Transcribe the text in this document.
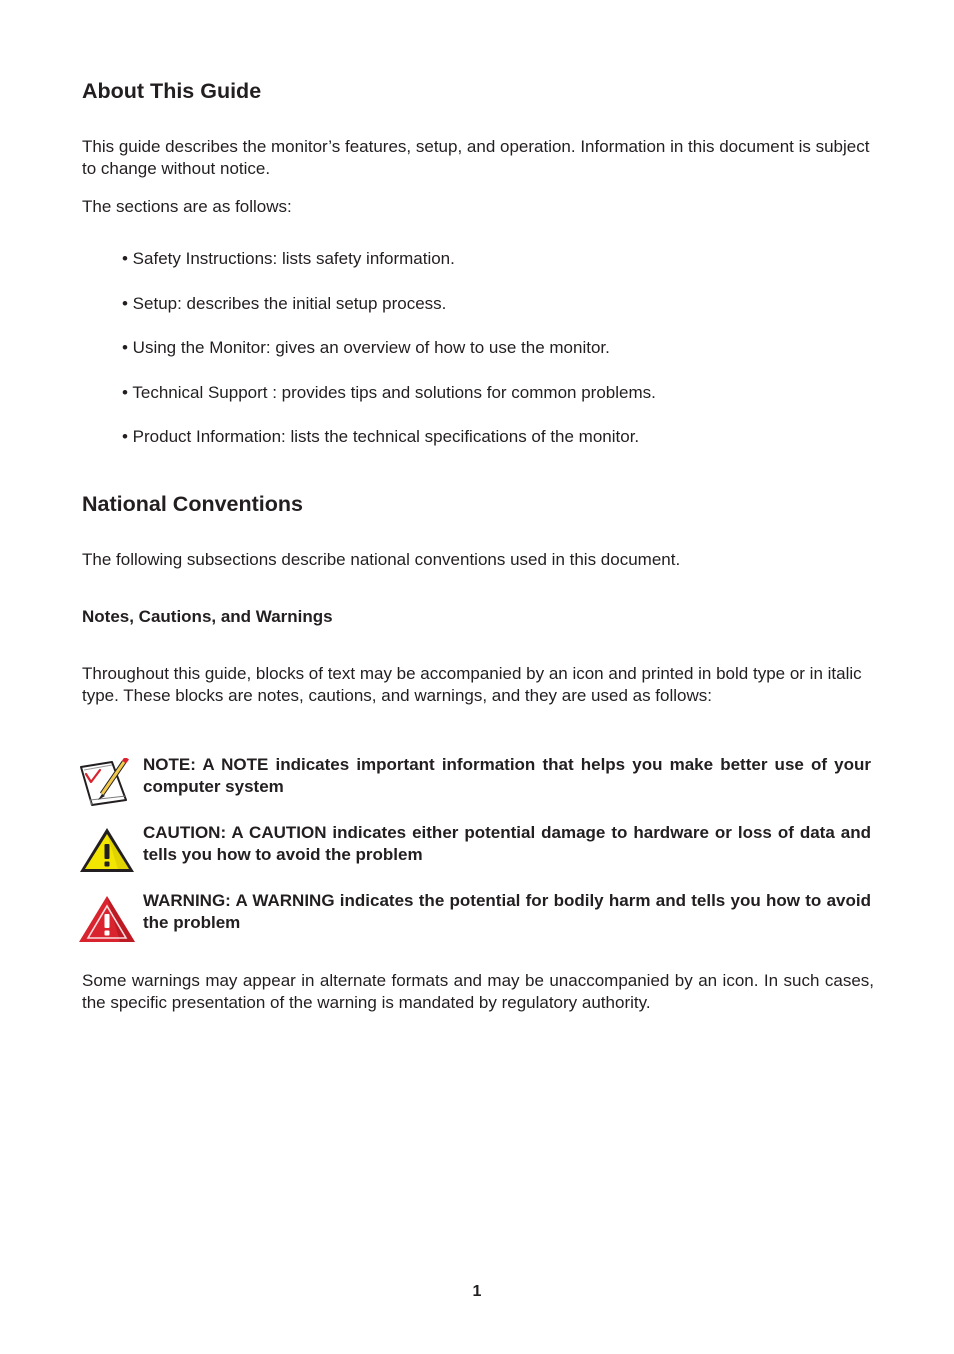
About This Guide

This guide describes the monitor’s features, setup, and operation. Information in this document is subject to change without notice.

The sections are as follows:

• Safety Instructions: lists safety information.
• Setup: describes the initial setup process.
• Using the Monitor: gives an overview of how to use the monitor.
• Technical Support : provides tips and solutions for common problems.
• Product Information: lists the technical specifications of the monitor.
National Conventions

The following subsections describe national conventions used in this document.

Notes, Cautions, and Warnings

Throughout this guide, blocks of text may be accompanied by an icon and printed in bold type or in italic type. These blocks are notes, cautions, and warnings, and they are used as follows:

NOTE: A NOTE indicates important information that helps you make better use of your computer system
CAUTION: A CAUTION indicates either potential damage to hardware or loss of data and tells you how to avoid the problem
WARNING: A WARNING indicates the potential for bodily harm and tells you how to avoid the problem

Some warnings may appear in alternate formats and may be unaccompanied by an icon. In such cases, the specific presentation of the warning is mandated by regulatory authority.

1
